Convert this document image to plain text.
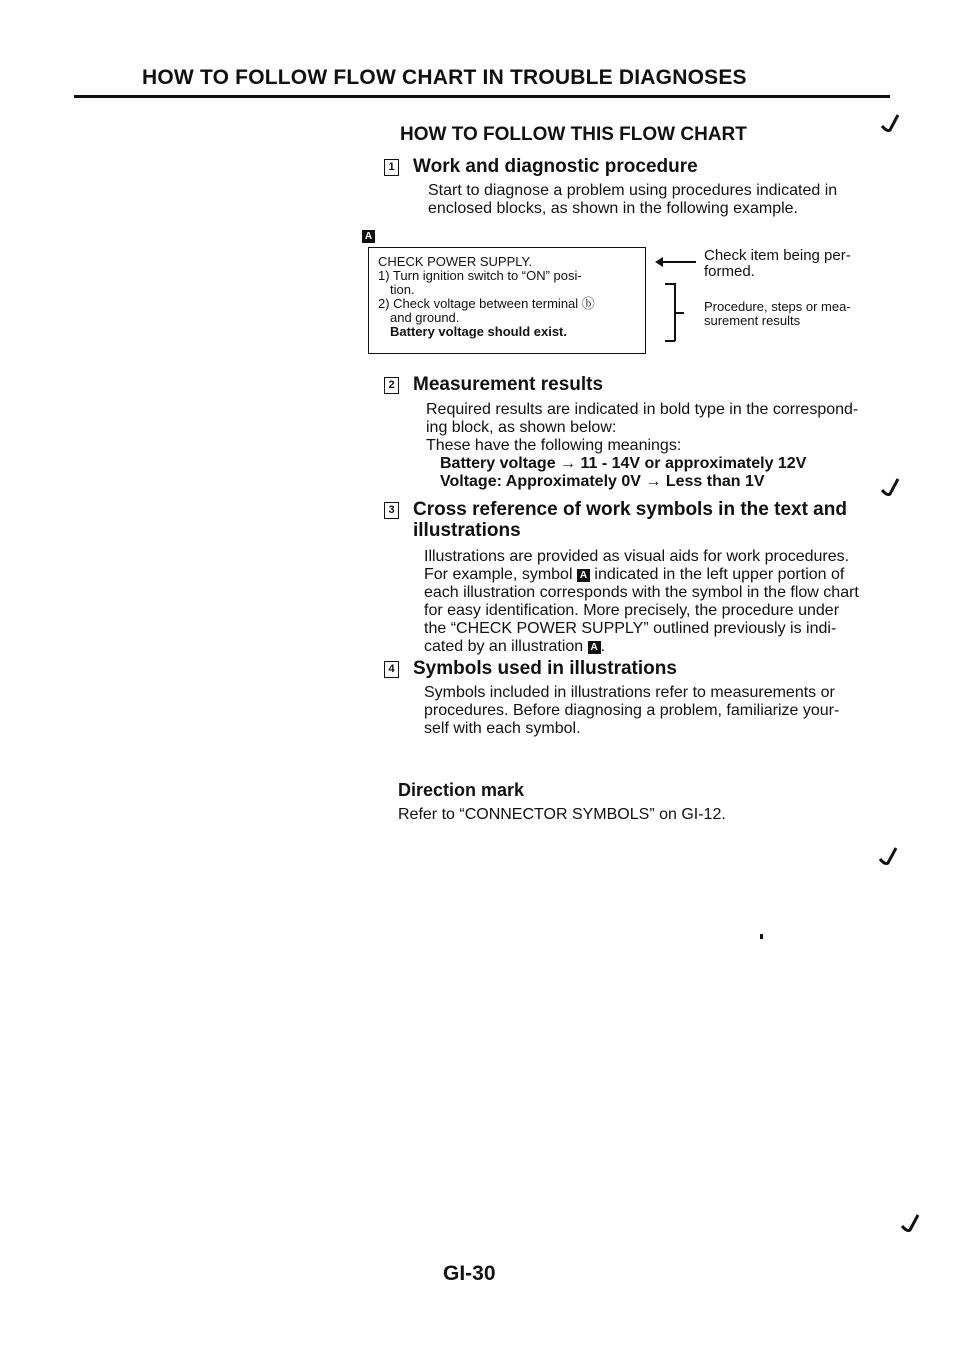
HOW TO FOLLOW FLOW CHART IN TROUBLE DIAGNOSES
HOW TO FOLLOW THIS FLOW CHART
1 Work and diagnostic procedure
Start to diagnose a problem using procedures indicated in
enclosed blocks, as shown in the following example.
A
CHECK POWER SUPPLY.
1) Turn ignition switch to “ON” posi-
tion.
2) Check voltage between terminal ⓑ
and ground.
Battery voltage should exist.
Check item being per-
formed.
Procedure, steps or mea-
surement results
2 Measurement results
Required results are indicated in bold type in the correspond-
ing block, as shown below:
These have the following meanings:
Battery voltage → 11 - 14V or approximately 12V
Voltage: Approximately 0V → Less than 1V
3 Cross reference of work symbols in the text and
illustrations
Illustrations are provided as visual aids for work procedures.
For example, symbol A indicated in the left upper portion of
each illustration corresponds with the symbol in the flow chart
for easy identification. More precisely, the procedure under
the “CHECK POWER SUPPLY” outlined previously is indi-
cated by an illustration A .
4 Symbols used in illustrations
Symbols included in illustrations refer to measurements or
procedures. Before diagnosing a problem, familiarize your-
self with each symbol.
Direction mark
Refer to “CONNECTOR SYMBOLS” on GI-12.
GI-30
